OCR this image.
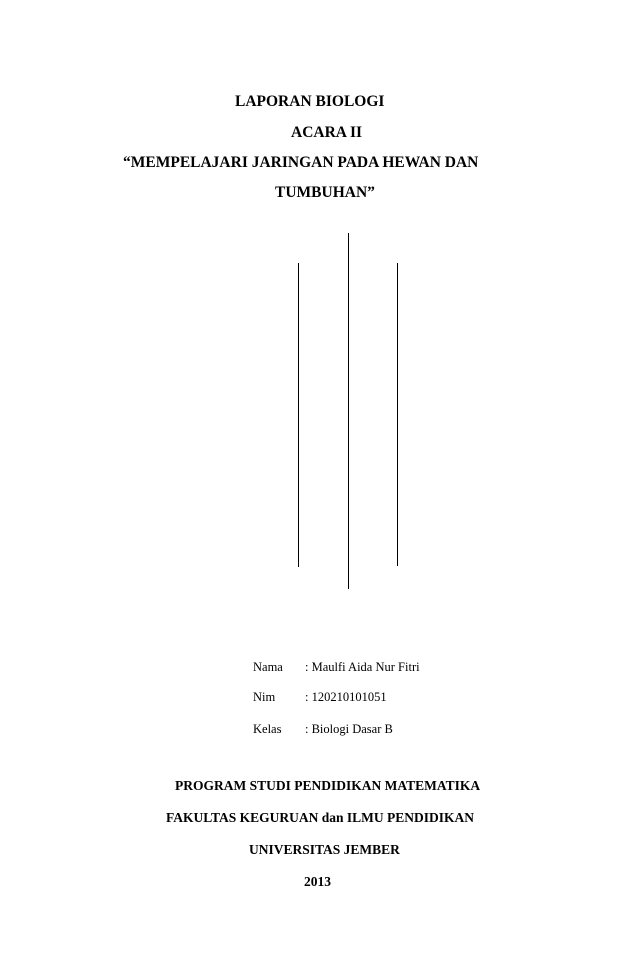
LAPORAN BIOLOGI
ACARA II
“MEMPELAJARI JARINGAN PADA HEWAN DAN
TUMBUHAN”
Nama : Maulfi Aida Nur Fitri
Nim : 120210101051
Kelas : Biologi Dasar B
PROGRAM STUDI PENDIDIKAN MATEMATIKA
FAKULTAS KEGURUAN dan ILMU PENDIDIKAN
UNIVERSITAS JEMBER
2013
